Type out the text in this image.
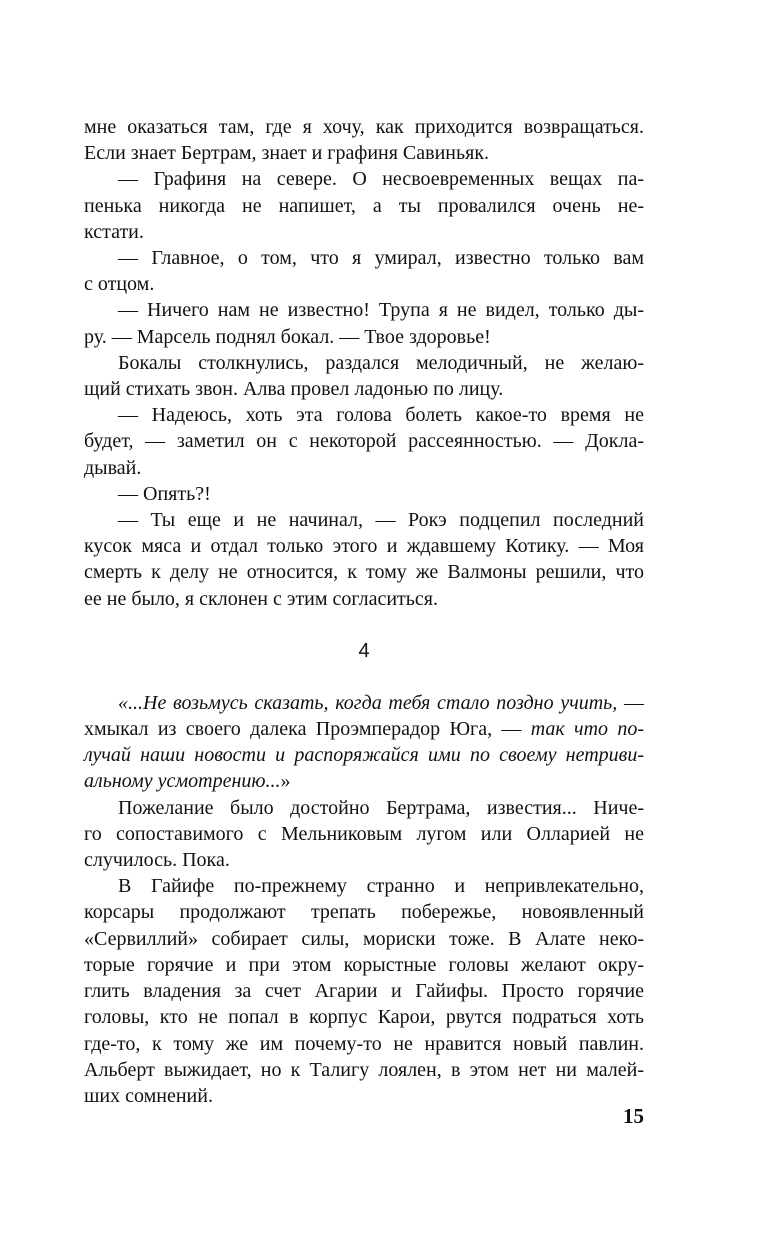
мне оказаться там, где я хочу, как приходится возвращаться.
Если знает Бертрам, знает и графиня Савиньяк.
— Графиня на севере. О несвоевременных вещах па-
пенька никогда не напишет, а ты провалился очень не-
кстати.
— Главное, о том, что я умирал, известно только вам
с отцом.
— Ничего нам не известно! Трупа я не видел, только ды-
ру. — Марсель поднял бокал. — Твое здоровье!
Бокалы столкнулись, раздался мелодичный, не желаю-
щий стихать звон. Алва провел ладонью по лицу.
— Надеюсь, хоть эта голова болеть какое-то время не
будет, — заметил он с некоторой рассеянностью. — Докла-
дывай.
— Опять?!
— Ты еще и не начинал, — Рокэ подцепил последний
кусок мяса и отдал только этого и ждавшему Котику. — Моя
смерть к делу не относится, к тому же Валмоны решили, что
ее не было, я склонен с этим согласиться.
4
«...Не возьмусь сказать, когда тебя стало поздно учить, —
хмыкал из своего далека Проэмперадор Юга, — так что по-
лучай наши новости и распоряжайся ими по своему нетриви-
альному усмотрению...»
Пожелание было достойно Бертрама, известия... Ниче-
го сопоставимого с Мельниковым лугом или Олларией не
случилось. Пока.
В Гайифе по-прежнему странно и непривлекательно,
корсары продолжают трепать побережье, новоявленный
«Сервиллий» собирает силы, мориски тоже. В Алате неко-
торые горячие и при этом корыстные головы желают окру-
глить владения за счет Агарии и Гайифы. Просто горячие
головы, кто не попал в корпус Карои, рвутся подраться хоть
где-то, к тому же им почему-то не нравится новый павлин.
Альберт выжидает, но к Талигу лоялен, в этом нет ни малей-
ших сомнений.
15
